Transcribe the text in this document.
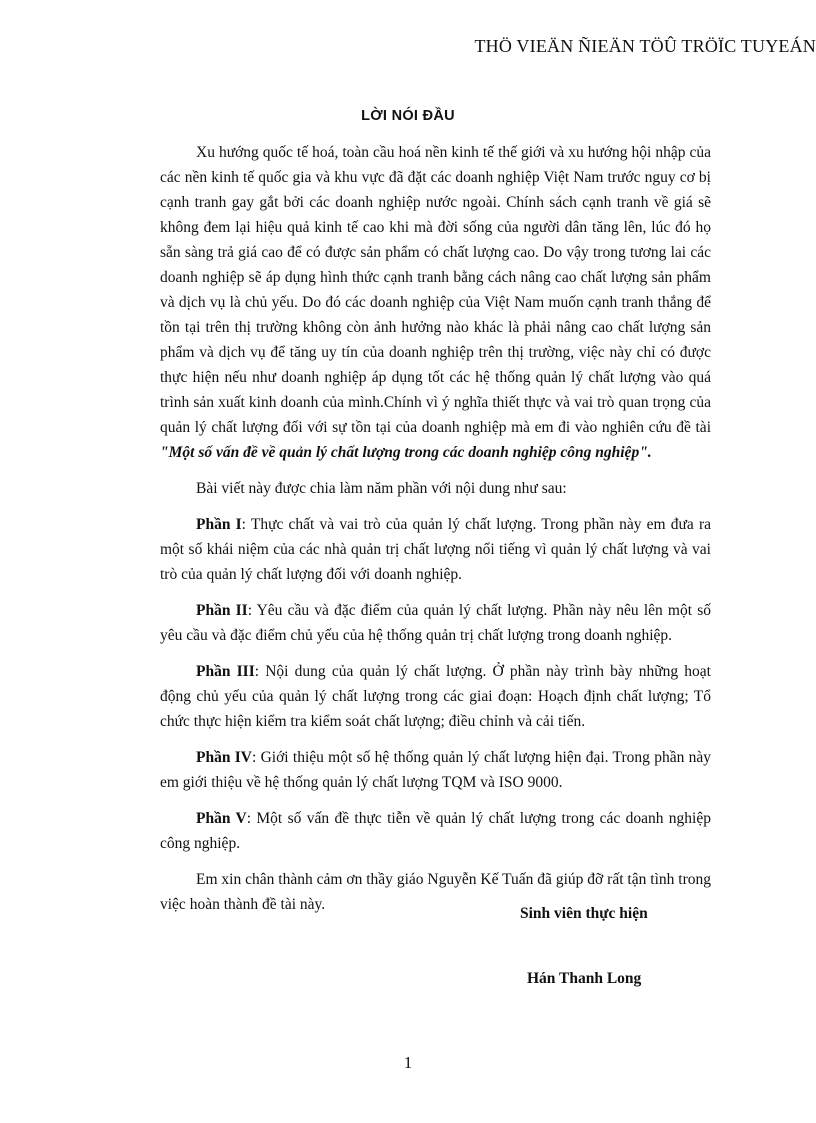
THÖ VIEÄN ÑIEÄN TÖÛ TRÖÏC TUYEÁN
LỜI NÓI ĐẦU

Xu hướng quốc tế hoá, toàn cầu hoá nền kinh tế thế giới và xu hướng hội nhập của các nền kinh tế quốc gia và khu vực đã đặt các doanh nghiệp Việt Nam trước nguy cơ bị cạnh tranh gay gắt bởi các doanh nghiệp nước ngoài. Chính sách cạnh tranh về giá sẽ không đem lại hiệu quả kinh tế cao khi mà đời sống của người dân tăng lên, lúc đó họ sẵn sàng trả giá cao để có được sản phẩm có chất lượng cao. Do vậy trong tương lai các doanh nghiệp sẽ áp dụng hình thức cạnh tranh bằng cách nâng cao chất lượng sản phẩm và dịch vụ là chủ yếu. Do đó các doanh nghiệp của Việt Nam muốn cạnh tranh thắng để tồn tại trên thị trường không còn ảnh hưởng nào khác là phải nâng cao chất lượng sản phẩm và dịch vụ để tăng uy tín của doanh nghiệp trên thị trường, việc này chỉ có được thực hiện nếu như doanh nghiệp áp dụng tốt các hệ thống quản lý chất lượng vào quá trình sản xuất kinh doanh của mình.Chính vì ý nghĩa thiết thực và vai trò quan trọng của quản lý chất lượng đối với sự tồn tại của doanh nghiệp mà em đi vào nghiên cứu đề tài "Một số vấn đề về quản lý chất lượng trong các doanh nghiệp công nghiệp".

Bài viết này được chia làm năm phần với nội dung như sau:

Phần I: Thực chất và vai trò của quản lý chất lượng. Trong phần này em đưa ra một số khái niệm của các nhà quản trị chất lượng nổi tiếng vì quản lý chất lượng và vai trò của quản lý chất lượng đối với doanh nghiệp.

Phần II: Yêu cầu và đặc điểm của quản lý chất lượng. Phần này nêu lên một số yêu cầu và đặc điểm chủ yếu của hệ thống quản trị chất lượng trong doanh nghiệp.

Phần III: Nội dung của quản lý chất lượng. Ở phần này trình bày những hoạt động chủ yếu của quản lý chất lượng trong các giai đoạn: Hoạch định chất lượng; Tổ chức thực hiện kiểm tra kiểm soát chất lượng; điều chỉnh và cải tiến.

Phần IV: Giới thiệu một số hệ thống quản lý chất lượng hiện đại. Trong phần này em giới thiệu về hệ thống quản lý chất lượng TQM và ISO 9000.

Phần V: Một số vấn đề thực tiễn về quản lý chất lượng trong các doanh nghiệp công nghiệp.

Em xin chân thành cảm ơn thầy giáo Nguyễn Kế Tuấn đã giúp đỡ rất tận tình trong việc hoàn thành đề tài này.

Sinh viên thực hiện
Hán Thanh Long
1
